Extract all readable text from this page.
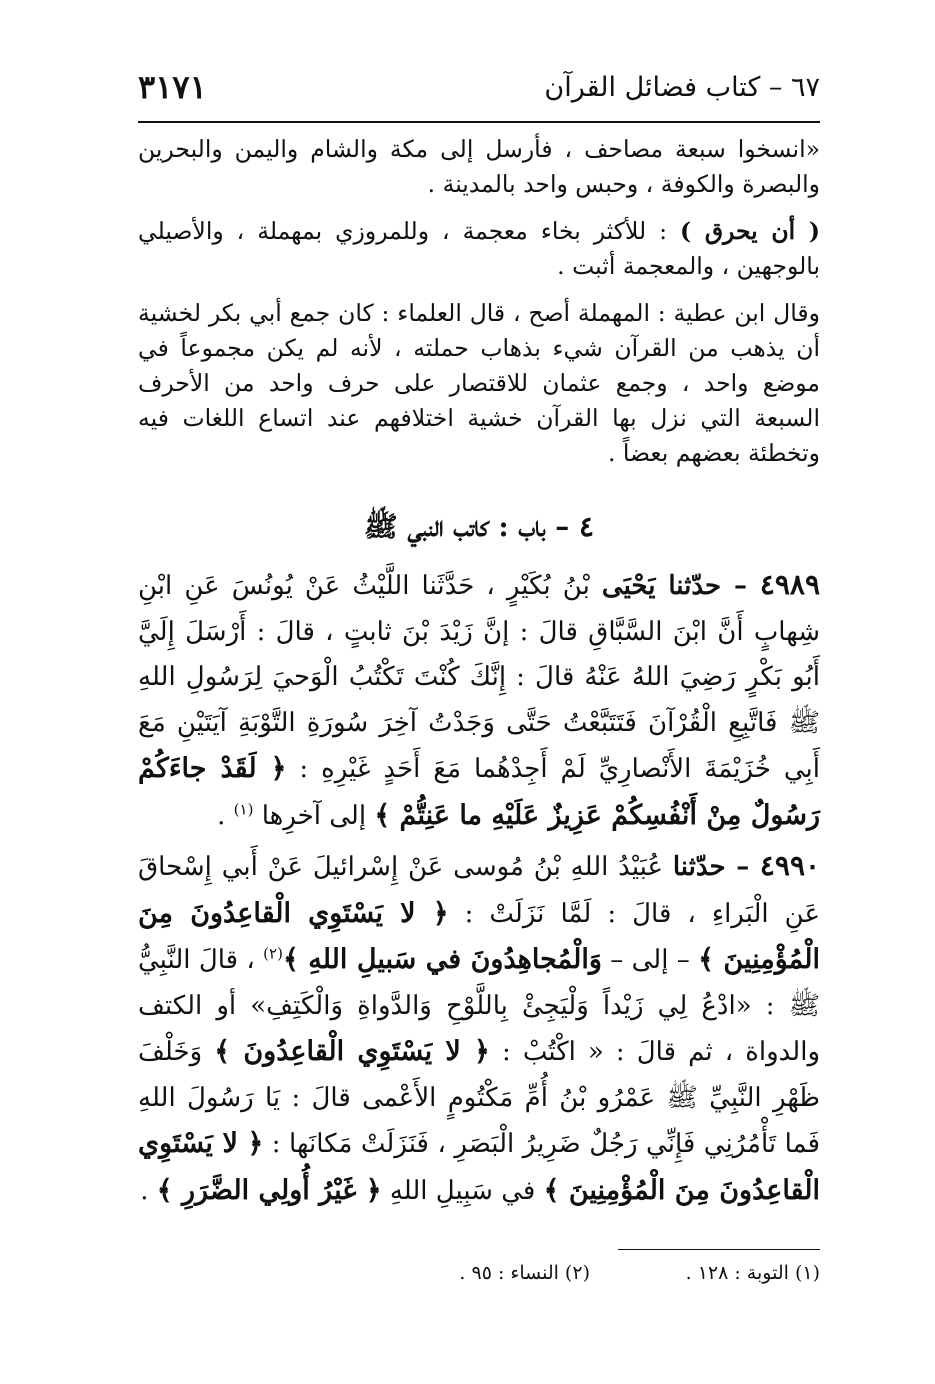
٦٧ – كتاب فضائل القرآن
٣١٧١

«انسخوا سبعة مصاحف ، فأرسل إلى مكة والشام واليمن والبحرين والبصرة والكوفة ، وحبس واحد بالمدينة .

( أن يحرق ) : للأكثر بخاء معجمة ، وللمروزي بمهملة ، والأصيلي بالوجهين ، والمعجمة أثبت .

وقال ابن عطية : المهملة أصح ، قال العلماء : كان جمع أبي بكر لخشية أن يذهب من القرآن شيء بذهاب حملته ، لأنه لم يكن مجموعاً في موضع واحد ، وجمع عثمان للاقتصار على حرف واحد من الأحرف السبعة التي نزل بها القرآن خشية اختلافهم عند اتساع اللغات فيه وتخطئة بعضهم بعضاً .

٤ – باب : كاتب النبي ﷺ

٤٩٨٩ – حدّثنا يَحْيَى بْنُ بُكَيْرٍ ، حَدَّثَنا اللَّيْثُ عَنْ يُونُسَ عَنِ ابْنِ شِهابٍ أَنَّ ابْنَ السَّبَّاقِ قالَ : إنَّ زَيْدَ بْنَ ثابتٍ ، قالَ : أَرْسَلَ إِلَيَّ أَبُو بَكْرٍ رَضِيَ اللهُ عَنْهُ قالَ : إِنَّكَ كُنْتَ تَكْتُبُ الْوَحيَ لِرَسُولِ اللهِ ﷺ فَاتَّبِعِ الْقُرْآنَ فَتَتَبَّعْتُ حَتَّى وَجَدْتُ آخِرَ سُورَةِ التَّوْبَةِ آيَتَيْنِ مَعَ أَبِي خُزَيْمَةَ الأَنْصارِيِّ لَمْ أَجِدْهُما مَعَ أَحَدٍ غَيْرِهِ : ﴿ لَقَدْ جاءَكُمْ رَسُولٌ مِنْ أَنْفُسِكُمْ عَزِيزٌ عَلَيْهِ ما عَنِتُّمْ ﴾ إلى آخرِها $^{(١)}$ .

٤٩٩٠ – حدّثنا عُبَيْدُ اللهِ بْنُ مُوسى عَنْ إِسْرائيلَ عَنْ أَبي إِسْحاقَ عَنِ الْبَراءِ ، قالَ : لَمَّا نَزَلَتْ : ﴿ لا يَسْتَوِي الْقاعِدُونَ مِنَ الْمُؤْمِنِينَ ﴾ – إلى – وَالْمُجاهِدُونَ في سَبيلِ اللهِ ﴾$^{(٢)}$ ، قالَ النَّبِيُّ ﷺ : «ادْعُ لِي زَيْداً وَلْيَجِئْ بِاللَّوْحِ وَالدَّواةِ وَالْكَتِفِ» أو الكتف والدواة ، ثم قالَ : « اكْتُبْ : ﴿ لا يَسْتَوِي الْقاعِدُونَ ﴾ وَخَلْفَ ظَهْرِ النَّبِيِّ ﷺ عَمْرُو بْنُ أُمِّ مَكْتُومٍ الأَعْمى قالَ : يَا رَسُولَ اللهِ فَما تَأْمُرُنِي فَإِنِّي رَجُلٌ ضَرِيرُ الْبَصَرِ ، فَنَزَلَتْ مَكانَها : ﴿ لا يَسْتَوِي الْقاعِدُونَ مِنَ الْمُؤْمِنِينَ ﴾ في سَبِيلِ اللهِ ﴿ غَيْرُ أُولِي الضَّرَرِ ﴾ .

(١) التوبة : ١٢٨ .
(٢) النساء : ٩٥ .
